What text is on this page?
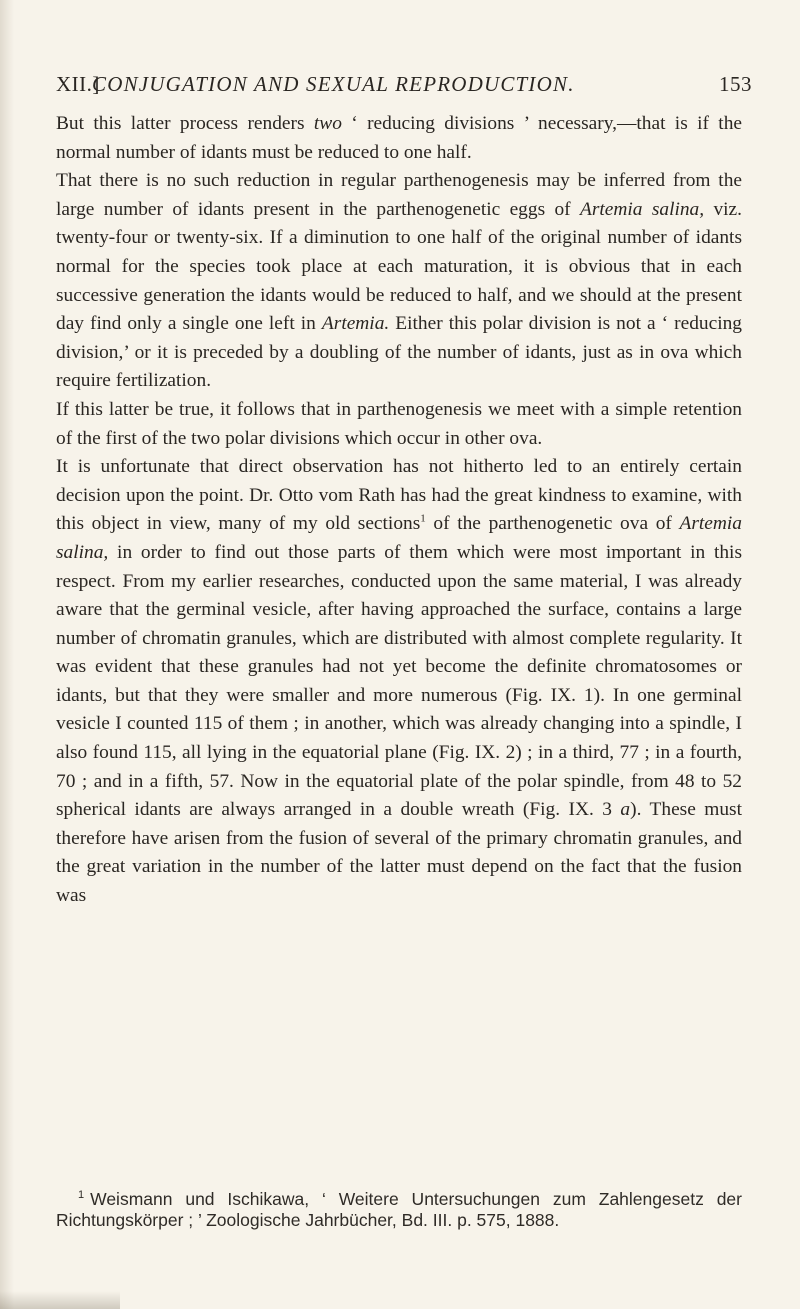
XII.]
CONJUGATION AND SEXUAL REPRODUCTION.	153

But this latter process renders two ‘ reducing divisions ’ necessary,—that is if the normal number of idants must be reduced to one half.

That there is no such reduction in regular parthenogenesis may be inferred from the large number of idants present in the parthenogenetic eggs of Artemia salina, viz. twenty-four or twenty-six. If a diminution to one half of the original number of idants normal for the species took place at each maturation, it is obvious that in each successive generation the idants would be reduced to half, and we should at the present day find only a single one left in Artemia. Either this polar division is not a ‘ reducing division,’ or it is preceded by a doubling of the number of idants, just as in ova which require fertilization.

If this latter be true, it follows that in parthenogenesis we meet with a simple retention of the first of the two polar divisions which occur in other ova.

It is unfortunate that direct observation has not hitherto led to an entirely certain decision upon the point. Dr. Otto vom Rath has had the great kindness to examine, with this object in view, many of my old sections$^1$ of the parthenogenetic ova of Artemia salina, in order to find out those parts of them which were most important in this respect. From my earlier researches, conducted upon the same material, I was already aware that the germinal vesicle, after having approached the surface, contains a large number of chromatin granules, which are distributed with almost complete regularity. It was evident that these granules had not yet become the definite chromatosomes or idants, but that they were smaller and more numerous (Fig. IX. 1). In one germinal vesicle I counted 115 of them ; in another, which was already changing into a spindle, I also found 115, all lying in the equatorial plane (Fig. IX. 2) ; in a third, 77 ; in a fourth, 70 ; and in a fifth, 57. Now in the equatorial plate of the polar spindle, from 48 to 52 spherical idants are always arranged in a double wreath (Fig. IX. 3 a). These must therefore have arisen from the fusion of several of the primary chromatin granules, and the great variation in the number of the latter must depend on the fact that the fusion was

$^1$ Weismann und Ischikawa, ‘ Weitere Untersuchungen zum Zahlengesetz der Richtungskörper ; ’ Zoologische Jahrbücher, Bd. III. p. 575, 1888.
